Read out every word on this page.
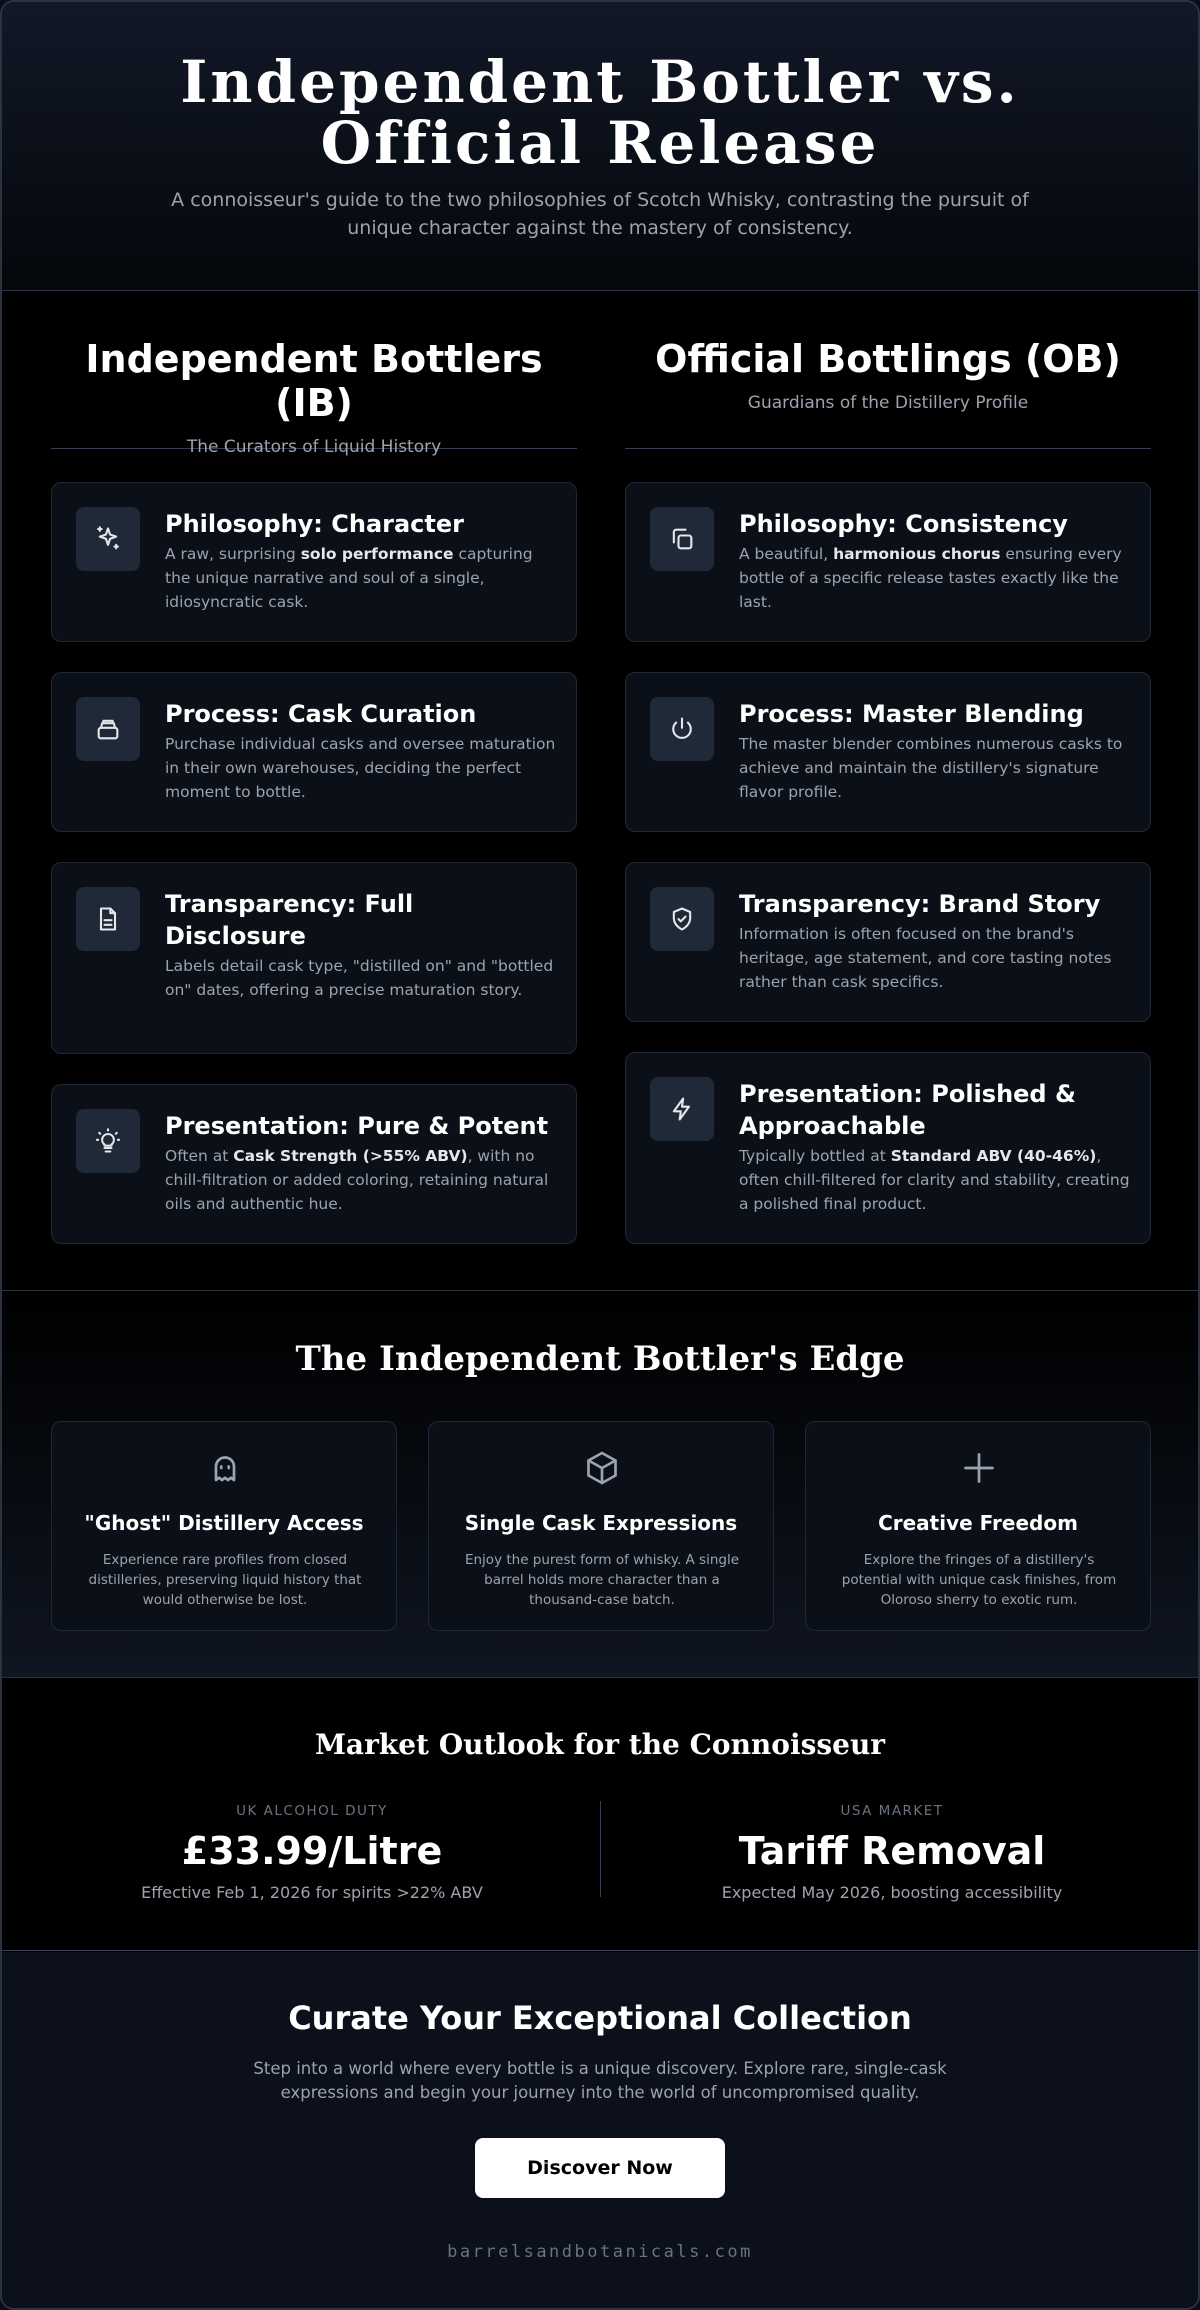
Independent Bottler vs. Official Release

A connoisseur's guide to the two philosophies of Scotch Whisky, contrasting the pursuit of unique character against the mastery of consistency.

Independent Bottlers (IB)
The Curators of Liquid History
Philosophy: Character
A raw, surprising solo performance capturing the unique narrative and soul of a single, idiosyncratic cask.
Process: Cask Curation
Purchase individual casks and oversee maturation in their own warehouses, deciding the perfect moment to bottle.
Transparency: Full Disclosure
Labels detail cask type, "distilled on" and "bottled on" dates, offering a precise maturation story.
Presentation: Pure & Potent
Often at Cask Strength (>55% ABV), with no chill-filtration or added coloring, retaining natural oils and authentic hue.
Official Bottlings (OB)
Guardians of the Distillery Profile
Philosophy: Consistency
A beautiful, harmonious chorus ensuring every bottle of a specific release tastes exactly like the last.
Process: Master Blending
The master blender combines numerous casks to achieve and maintain the distillery's signature flavor profile.
Transparency: Brand Story
Information is often focused on the brand's heritage, age statement, and core tasting notes rather than cask specifics.
Presentation: Polished & Approachable
Typically bottled at Standard ABV (40-46%), often chill-filtered for clarity and stability, creating a polished final product.
The Independent Bottler's Edge
"Ghost" Distillery Access

Experience rare profiles from closed distilleries, preserving liquid history that would otherwise be lost.

Single Cask Expressions

Enjoy the purest form of whisky. A single barrel holds more character than a thousand-case batch.

Creative Freedom

Explore the fringes of a distillery's potential with unique cask finishes, from Oloroso sherry to exotic rum.

Market Outlook for the Connoisseur
UK ALCOHOL DUTY
£33.99/Litre
Effective Feb 1, 2026 for spirits >22% ABV
USA MARKET
Tariff Removal
Expected May 2026, boosting accessibility
Curate Your Exceptional Collection

Step into a world where every bottle is a unique discovery. Explore rare, single-cask expressions and begin your journey into the world of uncompromised quality.

Discover Now
barrelsandbotanicals.com
